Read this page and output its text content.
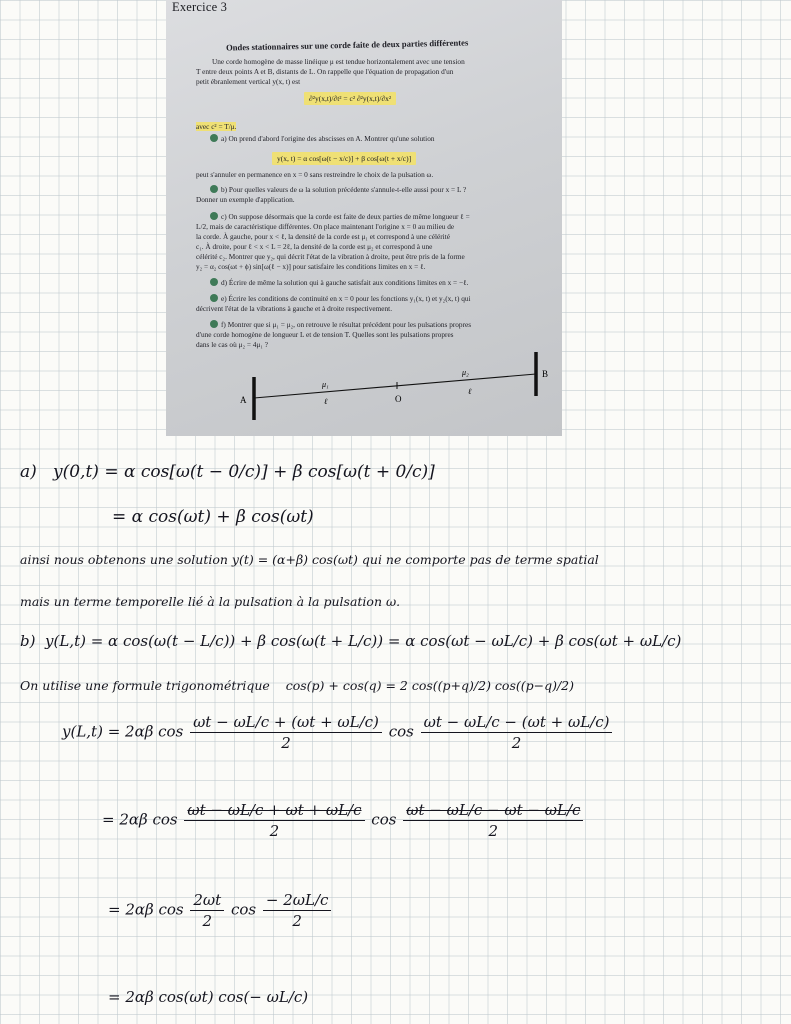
Exercice 3
Ondes stationnaires sur une corde faite de deux parties différentes
Une corde homogène de masse linéique μ est tendue horizontalement avec une tension
T entre deux points A et B, distants de L. On rappelle que l'équation de propagation d'un
petit ébranlement vertical y(x, t) est
∂²y(x,t)/∂t² = c² ∂²y(x,t)/∂x²
avec c² = T/μ.
a) On prend d'abord l'origine des abscisses en A. Montrer qu'une solution
y(x, t) = α cos[ω(t − x/c)] + β cos[ω(t + x/c)]
peut s'annuler en permanence en x = 0 sans restreindre le choix de la pulsation ω.
b) Pour quelles valeurs de ω la solution précédente s'annule-t-elle aussi pour x = L ?
Donner un exemple d'application.
c) On suppose désormais que la corde est faite de deux parties de même longueur ℓ =
L/2, mais de caractéristique différentes. On place maintenant l'origine x = 0 au milieu de
la corde. À gauche, pour x < ℓ, la densité de la corde est μ₁ et correspond à une célérité
c₁. À droite, pour ℓ < x < L = 2ℓ, la densité de la corde est μ₂ et correspond à une
célérité c₂. Montrer que y₂, qui décrit l'état de la vibration à droite, peut être pris de la forme
y₂ = α₂ cos(ωt + ϕ) sin[ω(ℓ − x)] pour satisfaire les conditions limites en x = ℓ.
d) Écrire de même la solution qui à gauche satisfait aux conditions limites en x = −ℓ.
e) Écrire les conditions de continuité en x = 0 pour les fonctions y₁(x, t) et y₂(x, t) qui
décrivent l'état de la vibrations à gauche et à droite respectivement.
f) Montrer que si μ₁ = μ₂, on retrouve le résultat précédent pour les pulsations propres
d'une corde homogène de longueur L et de tension T. Quelles sont les pulsations propres
dans le cas où μ₂ = 4μ₁ ?
A
B
O
μ₁
μ₂
ℓ
ℓ
a) y(0,t) = α cos[ω(t − 0/c)] + β cos[ω(t + 0/c)]
= α cos(ωt) + β cos(ωt)
ainsi nous obtenons une solution y(t) = (α+β) cos(ωt) qui ne comporte pas de terme spatial
mais un terme temporelle lié à la pulsation à la pulsation ω.
b) y(L,t) = α cos(ω(t − L/c)) + β cos(ω(t + L/c)) = α cos(ωt − ωL/c) + β cos(ωt + ωL/c)
On utilise une formule trigonométrique cos(p) + cos(q) = 2 cos((p+q)/2) cos((p−q)/2)
y(L,t) = 2αβ $\cos \frac{\omega t - \omega L/c + (\omega t + \omega L/c)}{2}$ $\cos \frac{\omega t - \omega L/c - (\omega t + \omega L/c)}{2}$
= 2αβ $\cos \frac{\omega t - \omega L/c + \omega t + \omega L/c}{2}$ $\cos \frac{\omega t - \omega L/c - \omega t - \omega L/c}{2}$
= 2αβ $\cos \frac{2\omega t}{2}$ $\cos \frac{- 2\omega L/c}{2}$
= 2αβ cos(ωt) cos(− ωL/c)
